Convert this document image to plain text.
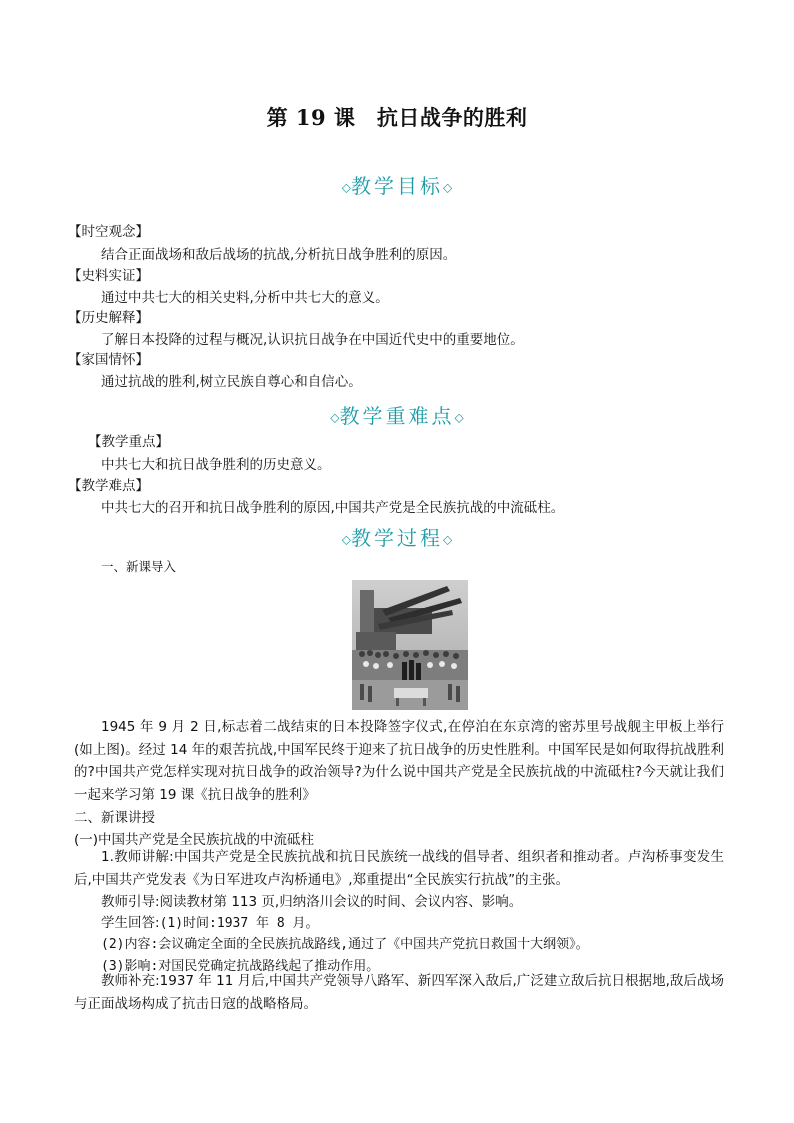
第 19 课　抗日战争的胜利
◇教学目标◇
【时空观念】
结合正面战场和敌后战场的抗战,分析抗日战争胜利的原因。
【史料实证】
通过中共七大的相关史料,分析中共七大的意义。
【历史解释】
了解日本投降的过程与概况,认识抗日战争在中国近代史中的重要地位。
【家国情怀】
通过抗战的胜利,树立民族自尊心和自信心。
◇教学重难点◇
【教学重点】
中共七大和抗日战争胜利的历史意义。
【教学难点】
中共七大的召开和抗日战争胜利的原因,中国共产党是全民族抗战的中流砥柱。
◇教学过程◇
一、新课导入
1945 年 9 月 2 日,标志着二战结束的日本投降签字仪式,在停泊在东京湾的密苏里号战舰主甲板上举行(如上图)。经过 14 年的艰苦抗战,中国军民终于迎来了抗日战争的历史性胜利。中国军民是如何取得抗战胜利的?中国共产党怎样实现对抗日战争的政治领导?为什么说中国共产党是全民族抗战的中流砥柱?今天就让我们一起来学习第 19 课《抗日战争的胜利》
二、新课讲授
(一)中国共产党是全民族抗战的中流砥柱
1.教师讲解:中国共产党是全民族抗战和抗日民族统一战线的倡导者、组织者和推动者。卢沟桥事变发生后,中国共产党发表《为日军进攻卢沟桥通电》,郑重提出“全民族实行抗战”的主张。
教师引导:阅读教材第 113 页,归纳洛川会议的时间、会议内容、影响。
学生回答:(1)时间:1937 年 8 月。
(2)内容:会议确定全面的全民族抗战路线,通过了《中国共产党抗日救国十大纲领》。
(3)影响:对国民党确定抗战路线起了推动作用。
教师补充:1937 年 11 月后,中国共产党领导八路军、新四军深入敌后,广泛建立敌后抗日根据地,敌后战场与正面战场构成了抗击日寇的战略格局。
